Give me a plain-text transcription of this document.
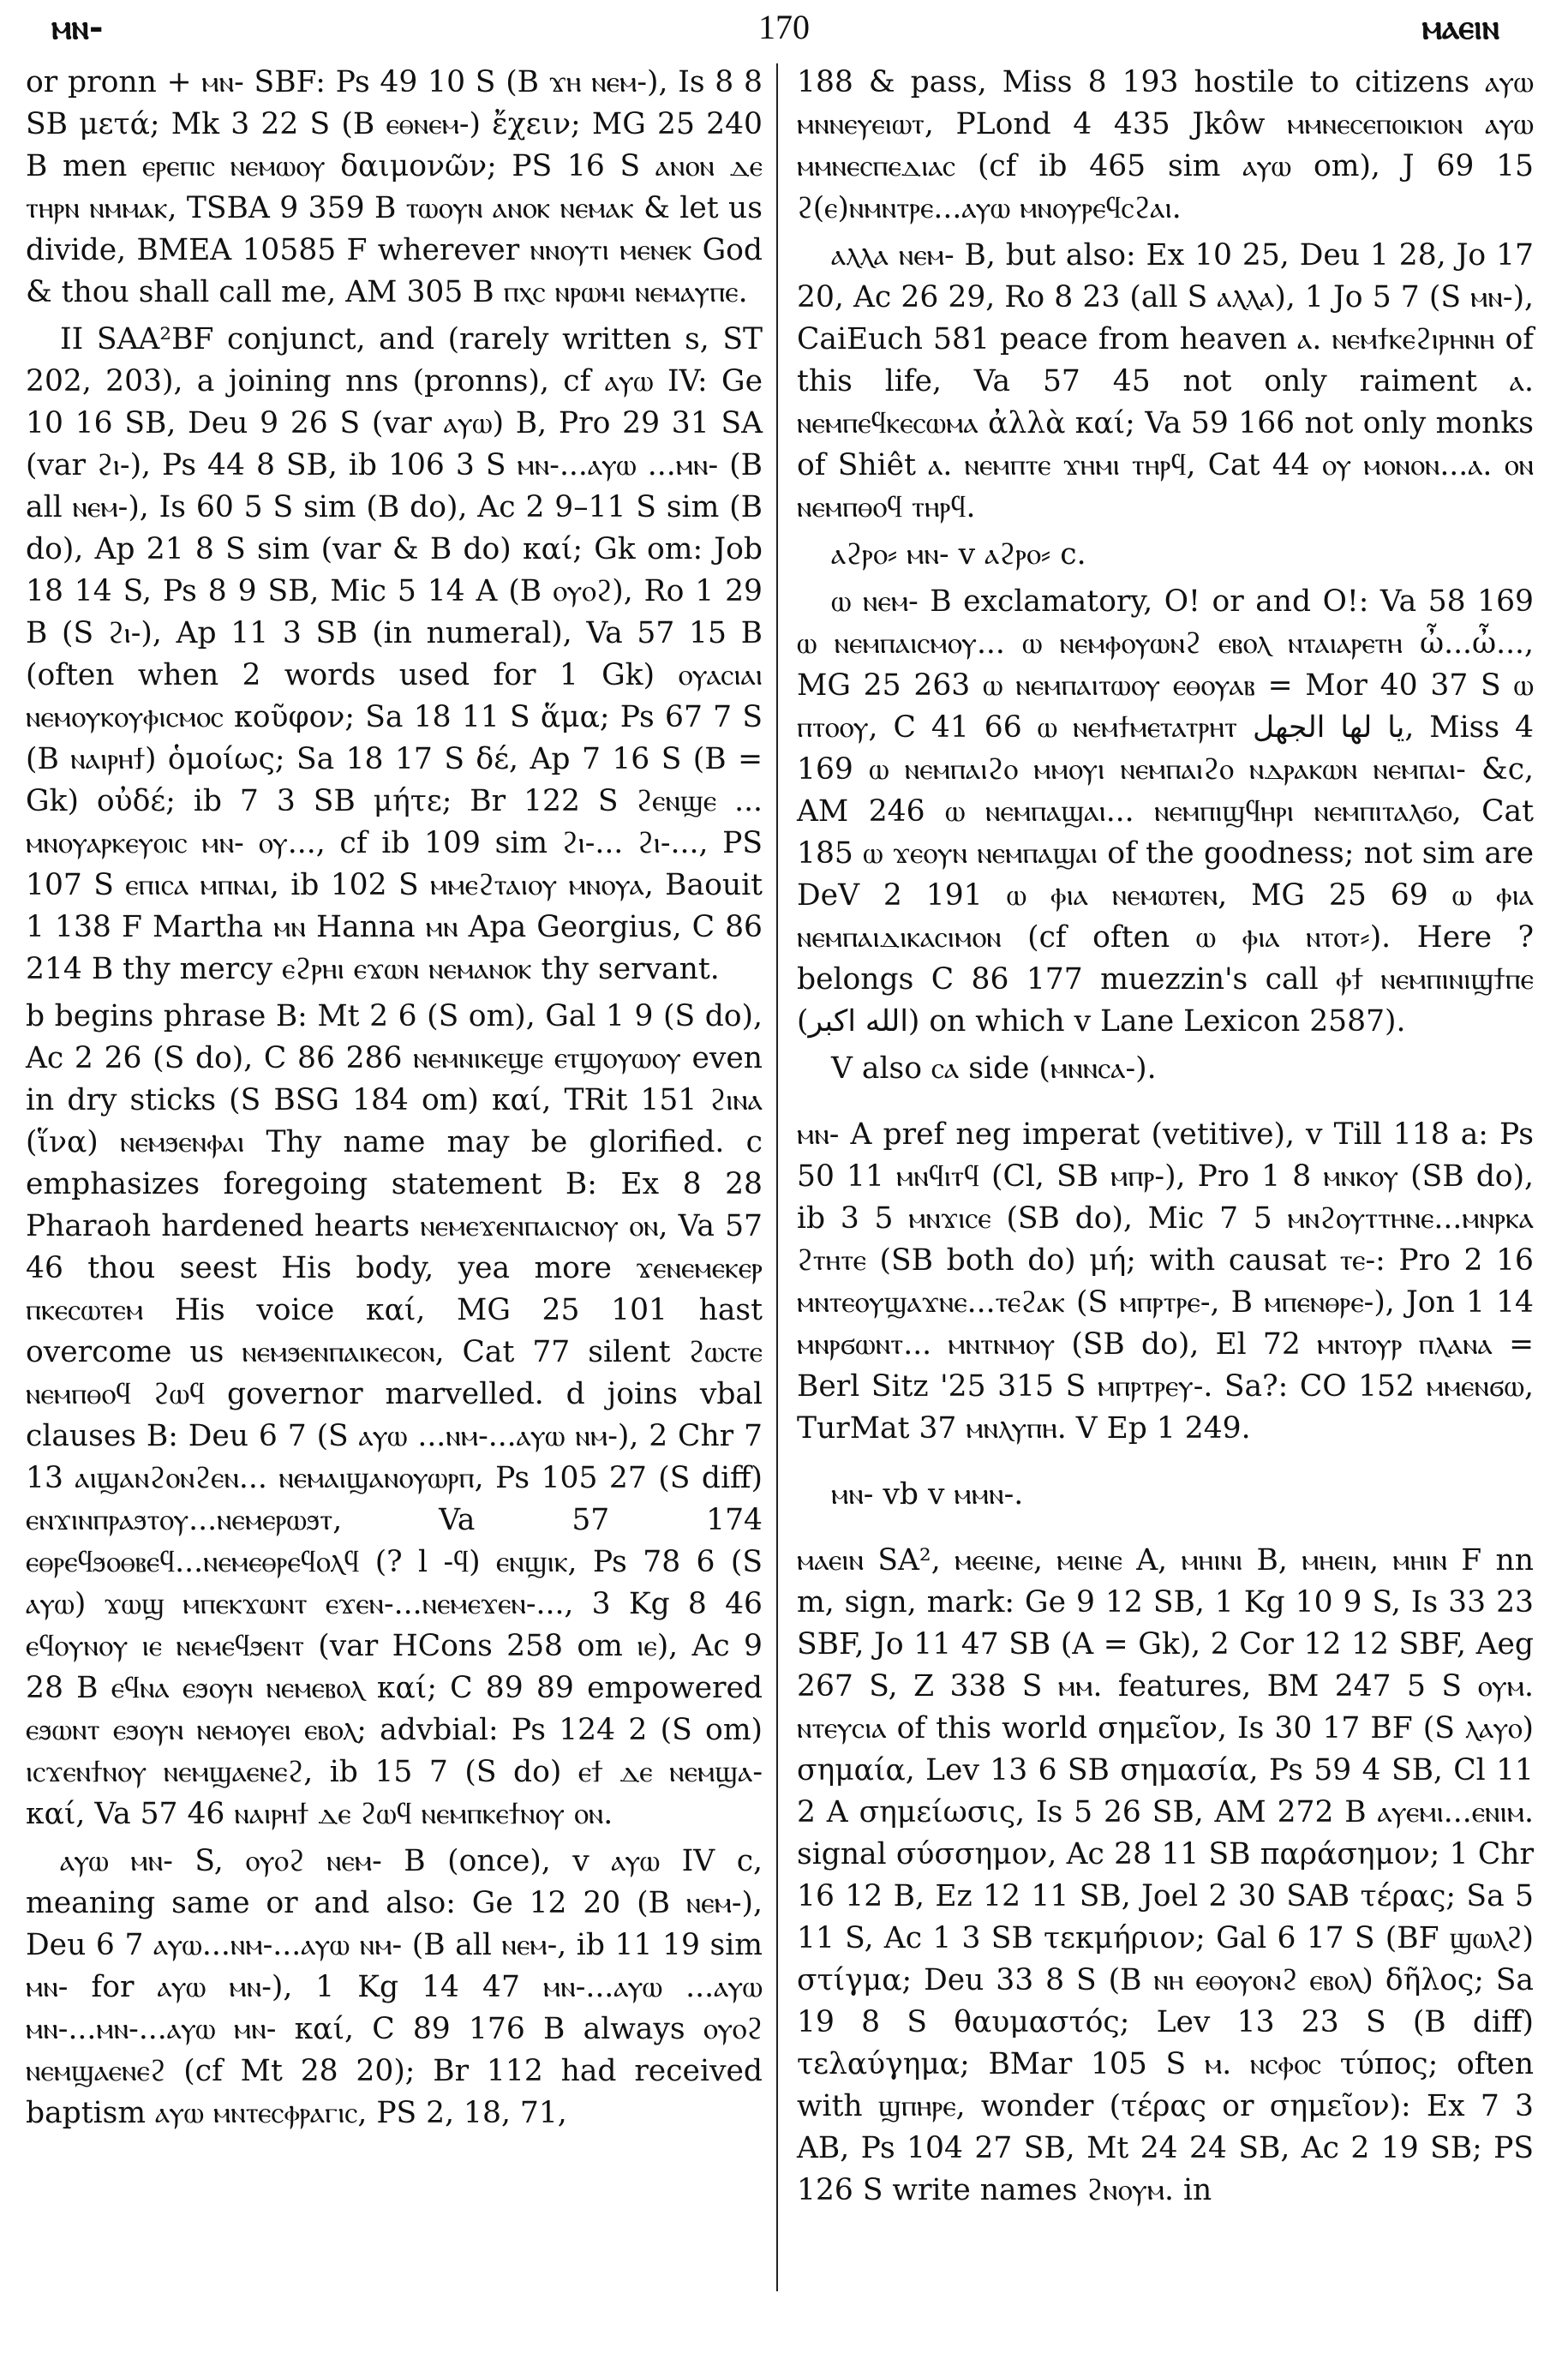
ⲙⲛ-	170	ⲙⲁⲉⲓⲛ

or pronn + ⲙⲛ- SBF: Ps 49 10 S (B ϫⲏ ⲛⲉⲙ-), Is 8 8 SB μετά; Mk 3 22 S (B ⲉⲑⲛⲉⲙ-) ἔχειν; MG 25 240 B men ⲉⲣⲉⲡⲓⲥ ⲛⲉⲙⲱⲟⲩ δαιμονῶν; PS 16 S ⲁⲛⲟⲛ ⲇⲉ ⲧⲏⲣⲛ ⲛⲙⲙⲁⲕ, TSBA 9 359 B ⲧⲱⲟⲩⲛ ⲁⲛⲟⲕ ⲛⲉⲙⲁⲕ & let us divide, BMEA 10585 F wherever ⲛⲛⲟⲩⲧⲓ ⲙⲉⲛⲉⲕ God & thou shall call me, AM 305 B ⲡⲭⲥ ⲛⲣⲱⲙⲓ ⲛⲉⲙⲁⲩⲡⲉ.

II SAA²BF conjunct, and (rarely written s, ST 202, 203), a joining nns (pronns), cf ⲁⲩⲱ IV: Ge 10 16 SB, Deu 9 26 S (var ⲁⲩⲱ) B, Pro 29 31 SA (var ϩⲓ-), Ps 44 8 SB, ib 106 3 S ⲙⲛ-...ⲁⲩⲱ ...ⲙⲛ- (B all ⲛⲉⲙ-), Is 60 5 S sim (B do), Ac 2 9–11 S sim (B do), Ap 21 8 S sim (var & B do) καί; Gk om: Job 18 14 S, Ps 8 9 SB, Mic 5 14 A (B ⲟⲩⲟϩ), Ro 1 29 B (S ϩⲓ-), Ap 11 3 SB (in numeral), Va 57 15 B (often when 2 words used for 1 Gk) ⲟⲩⲁⲥⲓⲁⲓ ⲛⲉⲙⲟⲩⲕⲟⲩⲫⲓⲥⲙⲟⲥ κοῦφον; Sa 18 11 S ἅμα; Ps 67 7 S (B ⲛⲁⲓⲣⲏϯ) ὁμοίως; Sa 18 17 S δέ, Ap 7 16 S (B = Gk) οὐδέ; ib 7 3 SB μήτε; Br 122 S ϩⲉⲛϣⲉ ... ⲙⲛⲟⲩⲁⲣⲕⲉⲩⲟⲓⲥ ⲙⲛ- ⲟⲩ..., cf ib 109 sim ϩⲓ-... ϩⲓ-..., PS 107 S ⲉⲡⲓⲥⲁ ⲙⲡⲛⲁⲓ, ib 102 S ⲙⲙⲉϩⲧⲁⲓⲟⲩ ⲙⲛⲟⲩⲁ, Baouit 1 138 F Martha ⲙⲛ Hanna ⲙⲛ Apa Georgius, C 86 214 B thy mercy ⲉϩⲣⲏⲓ ⲉϫⲱⲛ ⲛⲉⲙⲁⲛⲟⲕ thy servant.

b begins phrase B: Mt 2 6 (S om), Gal 1 9 (S do), Ac 2 26 (S do), C 86 286 ⲛⲉⲙⲛⲓⲕⲉϣⲉ ⲉⲧϣⲟⲩⲱⲟⲩ even in dry sticks (S BSG 184 om) καί, TRit 151 ϩⲓⲛⲁ (ἵνα) ⲛⲉⲙϧⲉⲛⲫⲁⲓ Thy name may be glorified. c emphasizes foregoing statement B: Ex 8 28 Pharaoh hardened hearts ⲛⲉⲙⲉϫⲉⲛⲡⲁⲓⲥⲛⲟⲩ ⲟⲛ, Va 57 46 thou seest His body, yea more ϫⲉⲛⲉⲙⲉⲕⲉⲣ ⲡⲕⲉⲥⲱⲧⲉⲙ His voice καί, MG 25 101 hast overcome us ⲛⲉⲙϧⲉⲛⲡⲁⲓⲕⲉⲥⲟⲛ, Cat 77 silent ϩⲱⲥⲧⲉ ⲛⲉⲙⲡⲑⲟϥ ϩⲱϥ governor marvelled. d joins vbal clauses B: Deu 6 7 (S ⲁⲩⲱ ...ⲛⲙ-...ⲁⲩⲱ ⲛⲙ-), 2 Chr 7 13 ⲁⲓϣⲁⲛϩⲟⲛϩⲉⲛ... ⲛⲉⲙⲁⲓϣⲁⲛⲟⲩⲱⲣⲡ, Ps 105 27 (S diff) ⲉⲛϫⲓⲛⲡⲣⲁϧⲧⲟⲩ...ⲛⲉⲙⲉⲣⲱϧⲧ, Va 57 174 ⲉⲑⲣⲉϥϧⲟⲑⲃⲉϥ...ⲛⲉⲙⲉⲑⲣⲉϥⲟⲗϥ (? l -ϥ) ⲉⲛϣⲓⲕ, Ps 78 6 (S ⲁⲩⲱ) ϫⲱϣ ⲙⲡⲉⲕϫⲱⲛⲧ ⲉϫⲉⲛ-...ⲛⲉⲙⲉϫⲉⲛ-..., 3 Kg 8 46 ⲉϥⲟⲩⲛⲟⲩ ⲓⲉ ⲛⲉⲙⲉϥϧⲉⲛⲧ (var HCons 258 om ⲓⲉ), Ac 9 28 B ⲉϥⲛⲁ ⲉϧⲟⲩⲛ ⲛⲉⲙⲉⲃⲟⲗ καί; C 89 89 empowered ⲉϧⲱⲛⲧ ⲉϧⲟⲩⲛ ⲛⲉⲙⲟⲩⲉⲓ ⲉⲃⲟⲗ; advbial: Ps 124 2 (S om) ⲓⲥϫⲉⲛϯⲛⲟⲩ ⲛⲉⲙϣⲁⲉⲛⲉϩ, ib 15 7 (S do) ⲉϯ ⲇⲉ ⲛⲉⲙϣⲁ- καί, Va 57 46 ⲛⲁⲓⲣⲏϯ ⲇⲉ ϩⲱϥ ⲛⲉⲙⲡⲕⲉϯⲛⲟⲩ ⲟⲛ.

ⲁⲩⲱ ⲙⲛ- S, ⲟⲩⲟϩ ⲛⲉⲙ- B (once), v ⲁⲩⲱ IV c, meaning same or and also: Ge 12 20 (B ⲛⲉⲙ-), Deu 6 7 ⲁⲩⲱ...ⲛⲙ-...ⲁⲩⲱ ⲛⲙ- (B all ⲛⲉⲙ-, ib 11 19 sim ⲙⲛ- for ⲁⲩⲱ ⲙⲛ-), 1 Kg 14 47 ⲙⲛ-...ⲁⲩⲱ ...ⲁⲩⲱ ⲙⲛ-...ⲙⲛ-...ⲁⲩⲱ ⲙⲛ- καί, C 89 176 B always ⲟⲩⲟϩ ⲛⲉⲙϣⲁⲉⲛⲉϩ (cf Mt 28 20); Br 112 had received baptism ⲁⲩⲱ ⲙⲛⲧⲉⲥⲫⲣⲁⲅⲓⲥ, PS 2, 18, 71,

188 & pass, Miss 8 193 hostile to citizens ⲁⲩⲱ ⲙⲛⲛⲉⲩⲉⲓⲱⲧ, PLond 4 435 Jkôw ⲙⲙⲛⲉⲥⲉⲡⲟⲓⲕⲓⲟⲛ ⲁⲩⲱ ⲙⲙⲛⲉⲥⲡⲉⲇⲓⲁⲥ (cf ib 465 sim ⲁⲩⲱ om), J 69 15 ϩ(ⲉ)ⲛⲙⲛⲧⲣⲉ...ⲁⲩⲱ ⲙⲛⲟⲩⲣⲉϥⲥϩⲁⲓ.

ⲁⲗⲗⲁ ⲛⲉⲙ- B, but also: Ex 10 25, Deu 1 28, Jo 17 20, Ac 26 29, Ro 8 23 (all S ⲁⲗⲗⲁ), 1 Jo 5 7 (S ⲙⲛ-), CaiEuch 581 peace from heaven ⲁ. ⲛⲉⲙϯⲕⲉϩⲓⲣⲏⲛⲏ of this life, Va 57 45 not only raiment ⲁ. ⲛⲉⲙⲡⲉϥⲕⲉⲥⲱⲙⲁ ἀλλὰ καί; Va 59 166 not only monks of Shiêt ⲁ. ⲛⲉⲙⲡⲧⲉ ϫⲏⲙⲓ ⲧⲏⲣϥ, Cat 44 ⲟⲩ ⲙⲟⲛⲟⲛ...ⲁ. ⲟⲛ ⲛⲉⲙⲡⲑⲟϥ ⲧⲏⲣϥ.

ⲁϩⲣⲟ⸗ ⲙⲛ- v ⲁϩⲣⲟ⸗ c.

ⲱ ⲛⲉⲙ- B exclamatory, O! or and O!: Va 58 169 ⲱ ⲛⲉⲙⲡⲁⲓⲥⲙⲟⲩ... ⲱ ⲛⲉⲙⲫⲟⲩⲱⲛϩ ⲉⲃⲟⲗ ⲛⲧⲁⲓⲁⲣⲉⲧⲏ ὦ...ὦ..., MG 25 263 ⲱ ⲛⲉⲙⲡⲁⲓⲧⲱⲟⲩ ⲉⲑⲟⲩⲁⲃ = Mor 40 37 S ⲱ ⲡⲧⲟⲟⲩ, C 41 66 ⲱ ⲛⲉⲙϯⲙⲉⲧⲁⲧⲣⲏⲧ يا لها الجهل, Miss 4 169 ⲱ ⲛⲉⲙⲡⲁⲓϩⲟ ⲙⲙⲟⲩⲓ ⲛⲉⲙⲡⲁⲓϩⲟ ⲛⲇⲣⲁⲕⲱⲛ ⲛⲉⲙⲡⲁⲓ- &c, AM 246 ⲱ ⲛⲉⲙⲡⲁϣⲁⲓ... ⲛⲉⲙⲡⲓϣϥⲏⲣⲓ ⲛⲉⲙⲡⲓⲧⲁⲗϭⲟ, Cat 185 ⲱ ϫⲉⲟⲩⲛ ⲛⲉⲙⲡⲁϣⲁⲓ of the goodness; not sim are DeV 2 191 ⲱ ⲫⲓⲁ ⲛⲉⲙⲱⲧⲉⲛ, MG 25 69 ⲱ ⲫⲓⲁ ⲛⲉⲙⲡⲁⲓⲇⲓⲕⲁⲥⲓⲙⲟⲛ (cf often ⲱ ⲫⲓⲁ ⲛⲧⲟⲧ⸗). Here ? belongs C 86 177 muezzin's call ⲫϯ ⲛⲉⲙⲡⲓⲛⲓϣϯⲡⲉ (الله اكبر) on which v Lane Lexicon 2587).

V also ⲥⲁ side (ⲙⲛⲛⲥⲁ-).

ⲙⲛ- A pref neg imperat (vetitive), v Till 118 a: Ps 50 11 ⲙⲛϥⲓⲧϥ (Cl, SB ⲙⲡⲣ-), Pro 1 8 ⲙⲛⲕⲟⲩ (SB do), ib 3 5 ⲙⲛϫⲓⲥⲉ (SB do), Mic 7 5 ⲙⲛϩⲟⲩⲧⲧⲏⲛⲉ...ⲙⲛⲣⲕⲁ ϩⲧⲏⲧⲉ (SB both do) μή; with causat ⲧⲉ-: Pro 2 16 ⲙⲛⲧⲉⲟⲩϣⲁϫⲛⲉ...ⲧⲉϩⲁⲕ (S ⲙⲡⲣⲧⲣⲉ-, B ⲙⲡⲉⲛⲑⲣⲉ-), Jon 1 14 ⲙⲛⲣϭⲱⲛⲧ... ⲙⲛⲧⲛⲙⲟⲩ (SB do), El 72 ⲙⲛⲧⲟⲩⲣ ⲡⲗⲁⲛⲁ = Berl Sitz '25 315 S ⲙⲡⲣⲧⲣⲉⲩ-. Sa?: CO 152 ⲙⲙⲉⲛϭⲱ, TurMat 37 ⲙⲛⲗⲩⲡⲏ. V Ep 1 249.

ⲙⲛ- vb v ⲙⲙⲛ-.

ⲙⲁⲉⲓⲛ SA², ⲙⲉⲉⲓⲛⲉ, ⲙⲉⲓⲛⲉ A, ⲙⲏⲓⲛⲓ B, ⲙⲏⲉⲓⲛ, ⲙⲏⲓⲛ F nn m, sign, mark: Ge 9 12 SB, 1 Kg 10 9 S, Is 33 23 SBF, Jo 11 47 SB (A = Gk), 2 Cor 12 12 SBF, Aeg 267 S, Z 338 S ⲙⲙ. features, BM 247 5 S ⲟⲩⲙ. ⲛⲧⲉⲩⲥⲓⲁ of this world σημεῖον, Is 30 17 BF (S ⲗⲁⲩⲟ) σημαία, Lev 13 6 SB σημασία, Ps 59 4 SB, Cl 11 2 A σημείωσις, Is 5 26 SB, AM 272 B ⲁⲩⲉⲙⲓ...ⲉⲛⲓⲙ. signal σύσσημον, Ac 28 11 SB παράσημον; 1 Chr 16 12 B, Ez 12 11 SB, Joel 2 30 SAB τέρας; Sa 5 11 S, Ac 1 3 SB τεκμήριον; Gal 6 17 S (BF ϣⲱⲗϩ) στίγμα; Deu 33 8 S (B ⲛⲏ ⲉⲑⲟⲩⲟⲛϩ ⲉⲃⲟⲗ) δῆλος; Sa 19 8 S θαυμαστός; Lev 13 23 S (B diff) τελαύγημα; BMar 105 S ⲙ. ⲛⲥⲫⲟⲥ τύπος; often with ϣⲡⲏⲣⲉ, wonder (τέρας or σημεῖον): Ex 7 3 AB, Ps 104 27 SB, Mt 24 24 SB, Ac 2 19 SB; PS 126 S write names ϩⲛⲟⲩⲙ. in
